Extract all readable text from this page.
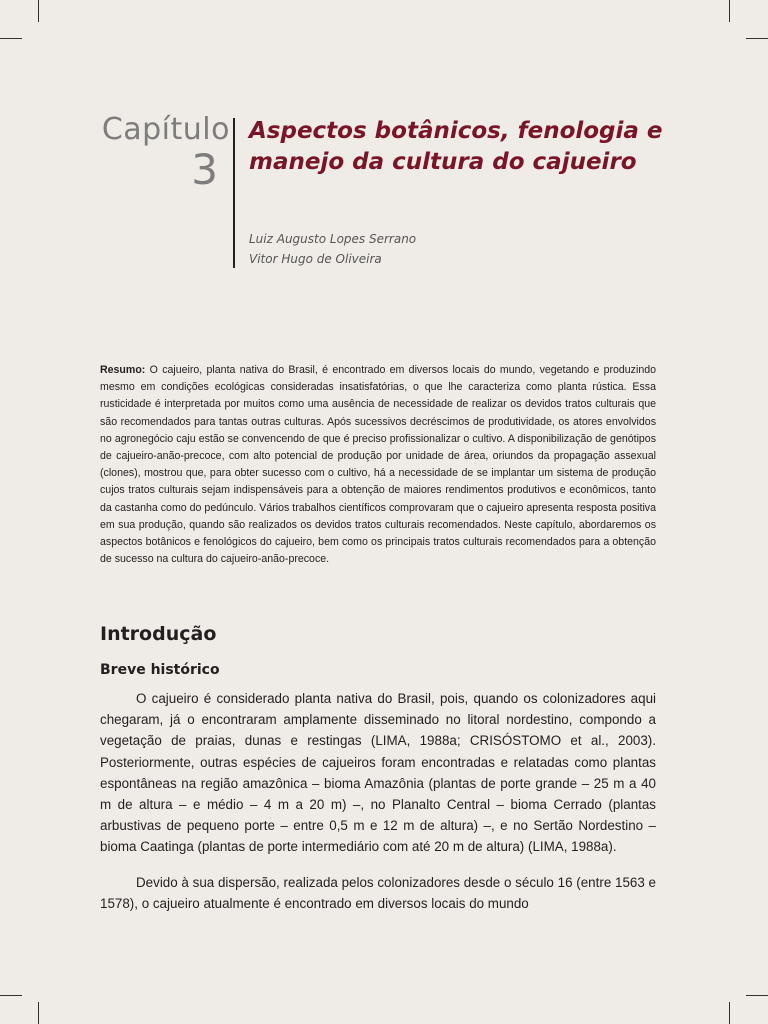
Capítulo
3
Aspectos botânicos, fenologia e manejo da cultura do cajueiro
Luiz Augusto Lopes Serrano
Vitor Hugo de Oliveira

Resumo: O cajueiro, planta nativa do Brasil, é encontrado em diversos locais do mundo, vegetando e produzindo mesmo em condições ecológicas consideradas insatisfatórias, o que lhe caracteriza como planta rústica. Essa rusticidade é interpretada por muitos como uma ausência de necessidade de realizar os devidos tratos culturais que são recomendados para tantas outras culturas. Após sucessivos decréscimos de produtividade, os atores envolvidos no agronegócio caju estão se convencendo de que é preciso profissionalizar o cultivo. A disponibilização de genótipos de cajueiro-anão-precoce, com alto potencial de produção por unidade de área, oriundos da propagação assexual (clones), mostrou que, para obter sucesso com o cultivo, há a necessidade de se implantar um sistema de produção cujos tratos culturais sejam indispensáveis para a obtenção de maiores rendimentos produtivos e econômicos, tanto da castanha como do pedúnculo. Vários trabalhos científicos comprovaram que o cajueiro apresenta resposta positiva em sua produção, quando são realizados os devidos tratos culturais recomendados. Neste capítulo, abordaremos os aspectos botânicos e fenológicos do cajueiro, bem como os principais tratos culturais recomendados para a obtenção de sucesso na cultura do cajueiro-anão-precoce.

Introdução
Breve histórico

O cajueiro é considerado planta nativa do Brasil, pois, quando os colonizadores aqui chegaram, já o encontraram amplamente disseminado no litoral nordestino, compondo a vegetação de praias, dunas e restingas (LIMA, 1988a; CRISÓSTOMO et al., 2003). Posteriormente, outras espécies de cajueiros foram encontradas e relatadas como plantas espontâneas na região amazônica – bioma Amazônia (plantas de porte grande – 25 m a 40 m de altura – e médio – 4 m a 20 m) –, no Planalto Central – bioma Cerrado (plantas arbustivas de pequeno porte – entre 0,5 m e 12 m de altura) –, e no Sertão Nordestino – bioma Caatinga (plantas de porte intermediário com até 20 m de altura) (LIMA, 1988a).

Devido à sua dispersão, realizada pelos colonizadores desde o século 16 (entre 1563 e 1578), o cajueiro atualmente é encontrado em diversos locais do mundo
